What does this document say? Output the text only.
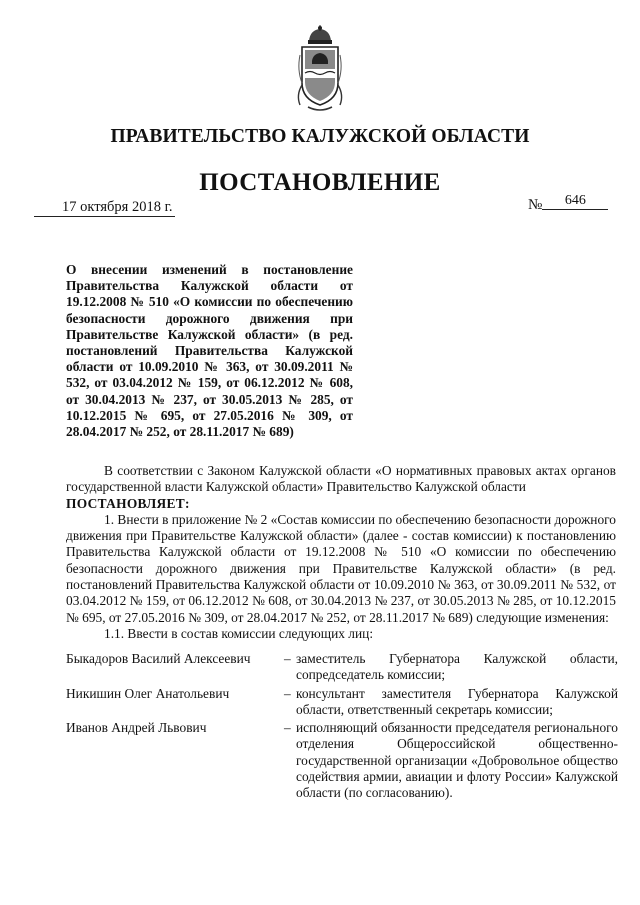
ПРАВИТЕЛЬСТВО КАЛУЖСКОЙ ОБЛАСТИ
ПОСТАНОВЛЕНИЕ
17 октября 2018 г.	№ 646
О внесении изменений в постановление Правительства Калужской области от 19.12.2008 № 510 «О комиссии по обеспечению безопасности дорожного движения при Правительстве Калужской области» (в ред. постановлений Правительства Калужской области от 10.09.2010 № 363, от 30.09.2011 № 532, от 03.04.2012 № 159, от 06.12.2012 № 608, от 30.04.2013 № 237, от 30.05.2013 № 285, от 10.12.2015 № 695, от 27.05.2016 № 309, от 28.04.2017 № 252, от 28.11.2017 № 689)

В соответствии с Законом Калужской области «О нормативных правовых актах органов государственной власти Калужской области» Правительство Калужской области

ПОСТАНОВЛЯЕТ:

1. Внести в приложение № 2 «Состав комиссии по обеспечению безопасности дорожного движения при Правительстве Калужской области» (далее - состав комиссии) к постановлению Правительства Калужской области от 19.12.2008 № 510 «О комиссии по обеспечению безопасности дорожного движения при Правительстве Калужской области» (в ред. постановлений Правительства Калужской области от 10.09.2010 № 363, от 30.09.2011 № 532, от 03.04.2012 № 159, от 06.12.2012 № 608, от 30.04.2013 № 237, от 30.05.2013 № 285, от 10.12.2015 № 695, от 27.05.2016 № 309, от 28.04.2017 № 252, от 28.11.2017 № 689) следующие изменения:

1.1. Ввести в состав комиссии следующих лиц:

Быкадоров Василий Алексеевич	– заместитель Губернатора Калужской области, сопредседатель комиссии;
Никишин Олег Анатольевич	– консультант заместителя Губернатора Калужской области, ответственный секретарь комиссии;
Иванов Андрей Львович	– исполняющий обязанности председателя регионального отделения Общероссийской общественно-государственной организации «Добровольное общество содействия армии, авиации и флоту России» Калужской области (по согласованию).
